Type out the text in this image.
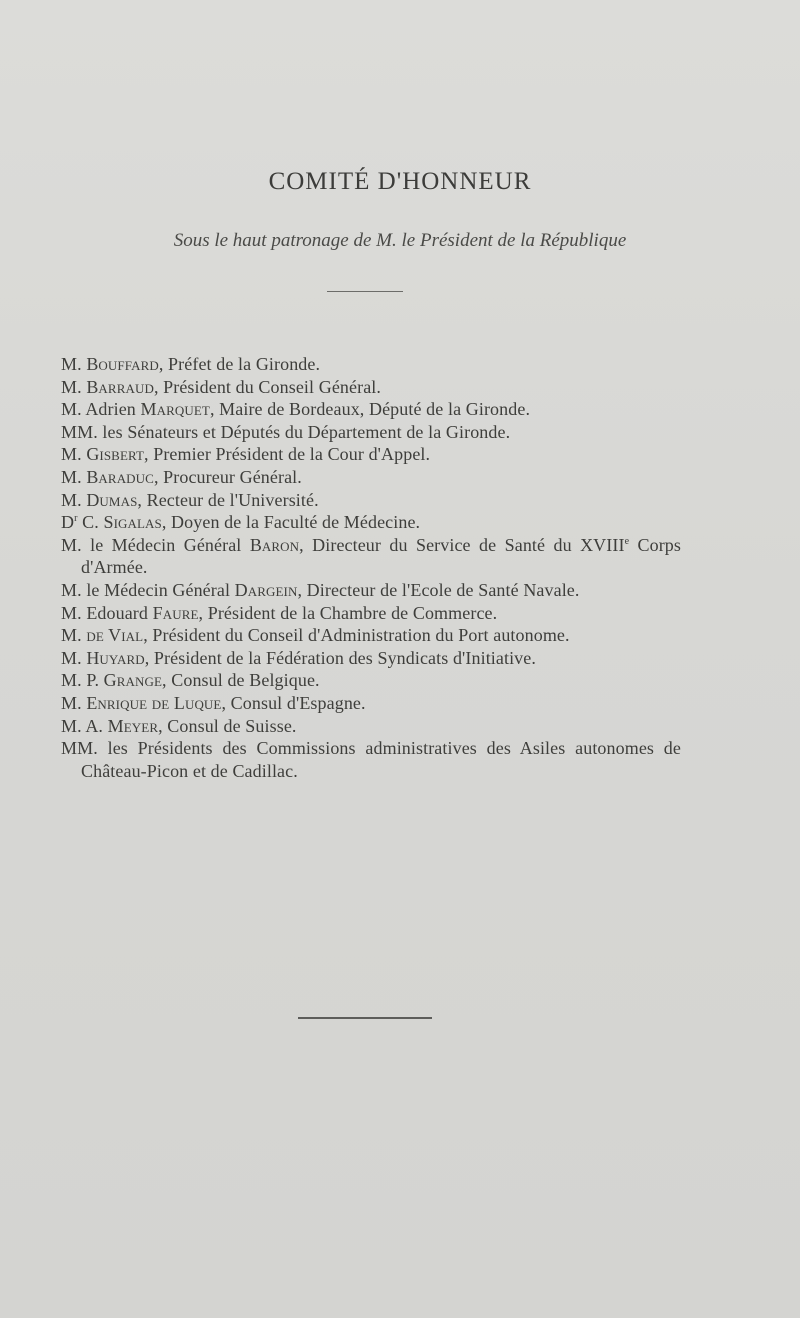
COMITÉ D'HONNEUR

Sous le haut patronage de M. le Président de la République

M. Bouffard, Préfet de la Gironde.
M. Barraud, Président du Conseil Général.
M. Adrien Marquet, Maire de Bordeaux, Député de la Gironde.
MM. les Sénateurs et Députés du Département de la Gironde.
M. Gisbert, Premier Président de la Cour d'Appel.
M. Baraduc, Procureur Général.
M. Dumas, Recteur de l'Université.
$D^r$ C. Sigalas, Doyen de la Faculté de Médecine.
M. le Médecin Général Baron, Directeur du Service de Santé du XVIIIe Corps d'Armée.
M. le Médecin Général Dargein, Directeur de l'Ecole de Santé Navale.
M. Edouard Faure, Président de la Chambre de Commerce.
M. de Vial, Président du Conseil d'Administration du Port autonome.
M. Huyard, Président de la Fédération des Syndicats d'Initiative.
M. P. Grange, Consul de Belgique.
M. Enrique de Luque, Consul d'Espagne.
M. A. Meyer, Consul de Suisse.
MM. les Présidents des Commissions administratives des Asiles autonomes de Château-Picon et de Cadillac.
